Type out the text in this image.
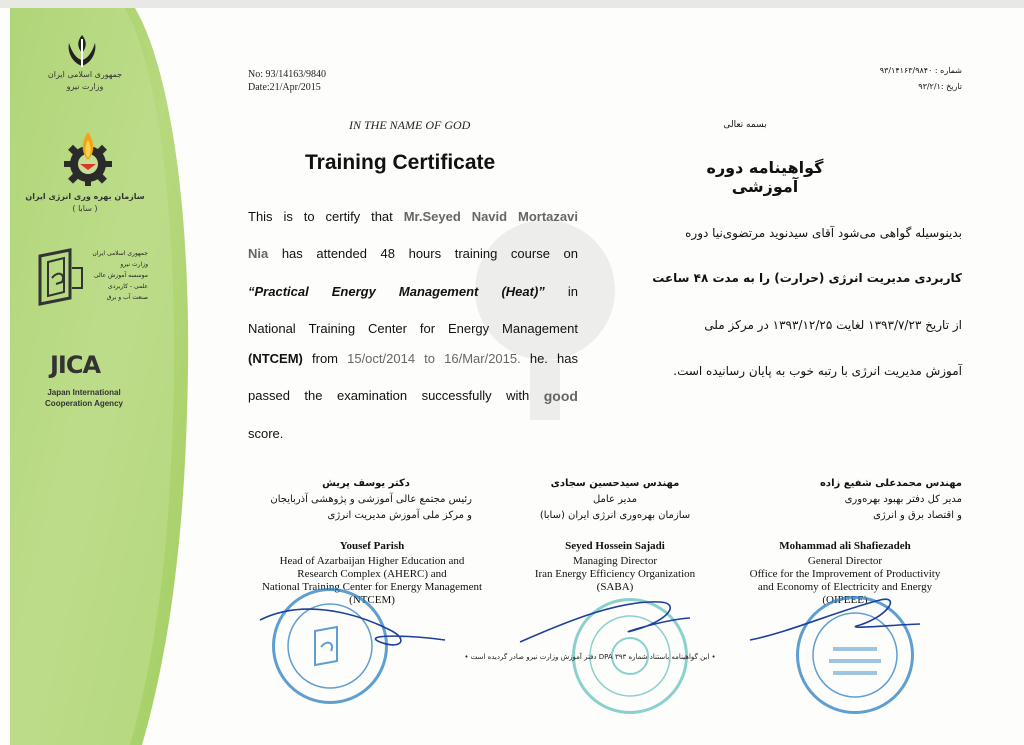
جمهوری اسلامی ایران
وزارت نیرو
سازمان بهره وری انرژی ایران
( سابا )
جمهوری اسلامی ایران
وزارت نیرو
موسسه آموزش عالی
علمی - کاربردی
صنعت آب و برق
JICA
Japan International
Cooperation Agency
No: 93/14163/9840
Date:21/Apr/2015
شماره : ۹۳/۱۴۱۶۳/۹۸۴۰
تاریخ :۹۳/۲/۱
IN THE NAME OF GOD
Training Certificate
This is to certify that Mr.Seyed Navid Mortazavi
Nia has attended 48 hours training course on
“Practical Energy Management (Heat)” in
National Training Center for Energy Management
(NTCEM) from 15/oct/2014 to 16/Mar/2015. he. has
passed the examination successfully with good
score.
بسمه تعالی
گواهینامه دوره آموزشی
بدینوسیله گواهی می‌شود آقای سیدنوید مرتضوی‌نیا دوره
کاربردی مدیریت انرژی (حرارت) را به مدت ۴۸ ساعت
از تاریخ ۱۳۹۳/۷/۲۳ لغایت ۱۳۹۳/۱۲/۲۵ در مرکز ملی
آموزش مدیریت انرژی با رتبه خوب به پایان رسانیده است.
دکتر یوسف پریش
رئیس مجتمع عالی آموزشی و پژوهشی آذربایجان
و مرکز ملی آموزش مدیریت انرژی
Yousef Parish
Head of Azarbaijan Higher Education and
Research Complex (AHERC) and
National Training Center for Energy Management
(NTCEM)
مهندس سیدحسین سجادی
مدیر عامل
سازمان بهره‌وری انرژی ایران (سابا)
Seyed Hossein Sajadi
Managing Director
Iran Energy Efficiency Organization
(SABA)
مهندس محمدعلی شفیع زاده
مدیر کل دفتر بهبود بهره‌وری
و اقتصاد برق و انرژی
Mohammad ali Shafiezadeh
General Director
Office for the Improvement of Productivity
and Economy of Electricity and Energy
(OIPEEE)
• این گواهینامه باستناد شماره DPA ۳۹۳ دفتر آموزش وزارت نیرو صادر گردیده است •
